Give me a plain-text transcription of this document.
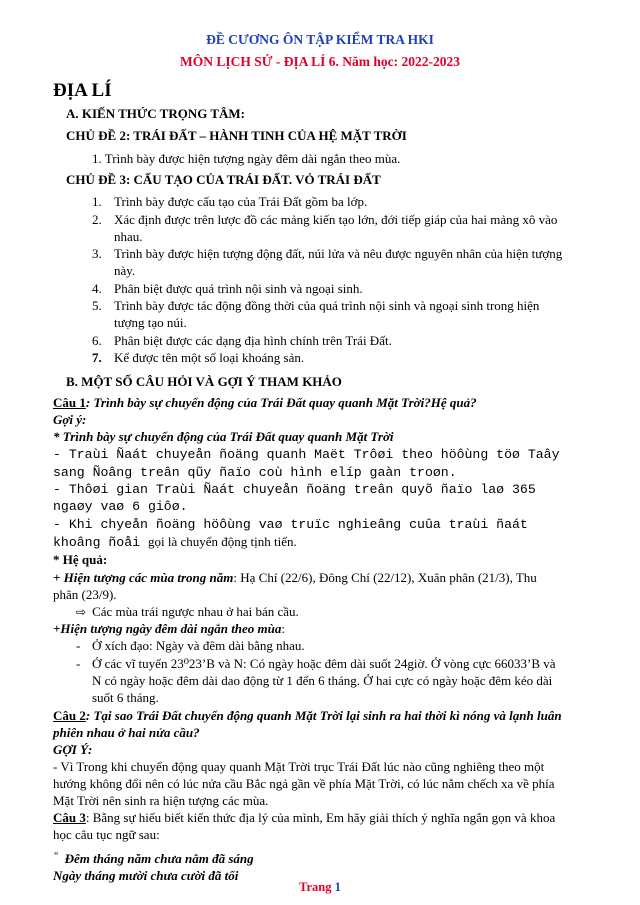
ĐỀ CƯƠNG ÔN TẬP KIỂM TRA HKI
MÔN LỊCH SỬ - ĐỊA LÍ 6. Năm học: 2022-2023
ĐỊA LÍ
A. KIẾN THỨC TRỌNG TÂM:
CHỦ ĐỀ 2: TRÁI ĐẤT – HÀNH TINH CỦA HỆ MẶT TRỜI
1. Trình bày được hiện tượng ngày đêm dài ngắn theo mùa.
CHỦ ĐỀ 3: CẤU TẠO CỦA TRÁI ĐẤT. VỎ TRÁI ĐẤT
1. Trình bày được cấu tạo của Trái Đất gồm ba lớp.
2. Xác định được trên lược đồ các mảng kiến tạo lớn, đới tiếp giáp của hai mảng xô vào
nhau.
3. Trình bày được hiện tượng động đất, núi lửa và nêu được nguyên nhân của hiện tượng
này.
4. Phân biệt được quá trình nội sinh và ngoại sinh.
5. Trình bày được tác động đồng thời của quá trình nội sinh và ngoại sinh trong hiện
tượng tạo núi.
6. Phân biệt được các dạng địa hình chính trên Trái Đất.
7. Kể được tên một số loại khoáng sản.
B. MỘT SỐ CÂU HỎI VÀ GỢI Ý THAM KHẢO
Câu 1: Trình bày sự chuyển động của Trái Đất quay quanh Mặt Trời?Hệ quả?
Gợi ý:
* Trình bày sự chuyển động của Trái Đất quay quanh Mặt Trời
- Traùi Ñaát chuyeån ñoäng quanh Maët Trôøi theo höôùng töø Taây
sang Ñoâng treân qũy ñaïo coù hình elíp gaàn troøn.
- Thôøi gian Traùi Ñaát chuyeån ñoäng treân quyõ ñaïo laø 365
ngaøy vaø 6 giôø.
- Khi chyeån ñoäng höôùng vaø truïc nghieâng cuûa traùi ñaát
khoâng ñoåi gọi là chuyển động tịnh tiến.
* Hệ quả:
+ Hiện tượng các mùa trong năm: Hạ Chí (22/6), Đông Chí (22/12), Xuân phân (21/3), Thu
phân (23/9).
⇨ Các mùa trái ngược nhau ở hai bán cầu.
+Hiện tượng ngày đêm dài ngắn theo mùa:
- Ở xích đạo: Ngày và đêm dài bằng nhau.
- Ở các vĩ tuyến 23⁰23’B và N: Có ngày hoặc đêm dài suốt 24giờ. Ở vòng cực 66033’B và
N có ngày hoặc đêm dài dao động từ 1 đến 6 tháng. Ở hai cực có ngày hoặc đêm kéo dài
suốt 6 tháng.
Câu 2: Tại sao Trái Đất chuyển động quanh Mặt Trời lại sinh ra hai thời kì nóng và lạnh luân
phiên nhau ở hai nửa cầu?
GỢI Ý:
- Vì Trong khi chuyển động quay quanh Mặt Trời trục Trái Đất lúc nào cũng nghiêng theo một
hướng không đổi nên có lúc nửa cầu Bắc ngả gần về phía Mặt Trời, có lúc nằm chếch xa về phía
Mặt Trời nên sinh ra hiện tượng các mùa.
Câu 3: Bằng sự hiểu biết kiến thức địa lý của mình, Em hãy giải thích ý nghĩa ngắn gọn và khoa
học câu tục ngữ sau:
“ Đêm tháng năm chưa nằm đã sáng
Ngày tháng mười chưa cười đã tối
Trang 1
